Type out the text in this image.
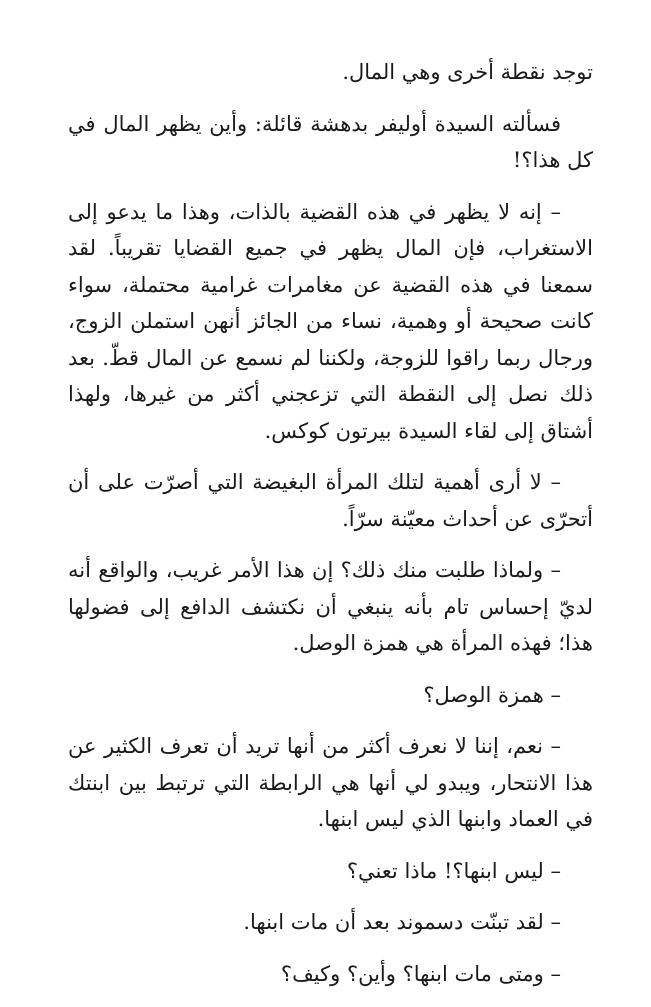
توجد نقطة أخرى وهي المال.

فسألته السيدة أوليفر بدهشة قائلة: وأين يظهر المال في كل هذا؟!

– إنه لا يظهر في هذه القضية بالذات، وهذا ما يدعو إلى الاستغراب، فإن المال يظهر في جميع القضايا تقريباً. لقد سمعنا في هذه القضية عن مغامرات غرامية محتملة، سواء كانت صحيحة أو وهمية، نساء من الجائز أنهن استملن الزوج، ورجال ربما راقوا للزوجة، ولكننا لم نسمع عن المال قطّ. بعد ذلك نصل إلى النقطة التي تزعجني أكثر من غيرها، ولهذا أشتاق إلى لقاء السيدة بيرتون كوكس.

– لا أرى أهمية لتلك المرأة البغيضة التي أصرّت على أن أتحرّى عن أحداث معيّنة سرّاً.

– ولماذا طلبت منك ذلك؟ إن هذا الأمر غريب، والواقع أنه لديّ إحساس تام بأنه ينبغي أن نكتشف الدافع إلى فضولها هذا؛ فهذه المرأة هي همزة الوصل.

– همزة الوصل؟

– نعم، إننا لا نعرف أكثر من أنها تريد أن تعرف الكثير عن هذا الانتحار، ويبدو لي أنها هي الرابطة التي ترتبط بين ابنتك في العماد وابنها الذي ليس ابنها.

– ليس ابنها؟! ماذا تعني؟

– لقد تبنّت دسموند بعد أن مات ابنها.

– ومتى مات ابنها؟ وأين؟ وكيف؟
